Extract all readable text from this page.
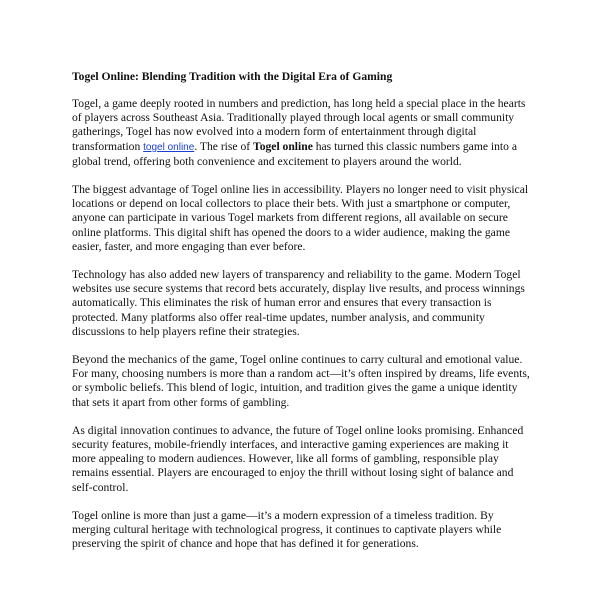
Togel Online: Blending Tradition with the Digital Era of Gaming

Togel, a game deeply rooted in numbers and prediction, has long held a special place in the hearts of players across Southeast Asia. Traditionally played through local agents or small community gatherings, Togel has now evolved into a modern form of entertainment through digital transformation togel online. The rise of Togel online has turned this classic numbers game into a global trend, offering both convenience and excitement to players around the world.

The biggest advantage of Togel online lies in accessibility. Players no longer need to visit physical locations or depend on local collectors to place their bets. With just a smartphone or computer, anyone can participate in various Togel markets from different regions, all available on secure online platforms. This digital shift has opened the doors to a wider audience, making the game easier, faster, and more engaging than ever before.

Technology has also added new layers of transparency and reliability to the game. Modern Togel websites use secure systems that record bets accurately, display live results, and process winnings automatically. This eliminates the risk of human error and ensures that every transaction is protected. Many platforms also offer real-time updates, number analysis, and community discussions to help players refine their strategies.

Beyond the mechanics of the game, Togel online continues to carry cultural and emotional value. For many, choosing numbers is more than a random act—it’s often inspired by dreams, life events, or symbolic beliefs. This blend of logic, intuition, and tradition gives the game a unique identity that sets it apart from other forms of gambling.

As digital innovation continues to advance, the future of Togel online looks promising. Enhanced security features, mobile-friendly interfaces, and interactive gaming experiences are making it more appealing to modern audiences. However, like all forms of gambling, responsible play remains essential. Players are encouraged to enjoy the thrill without losing sight of balance and self-control.

Togel online is more than just a game—it’s a modern expression of a timeless tradition. By merging cultural heritage with technological progress, it continues to captivate players while preserving the spirit of chance and hope that has defined it for generations.
